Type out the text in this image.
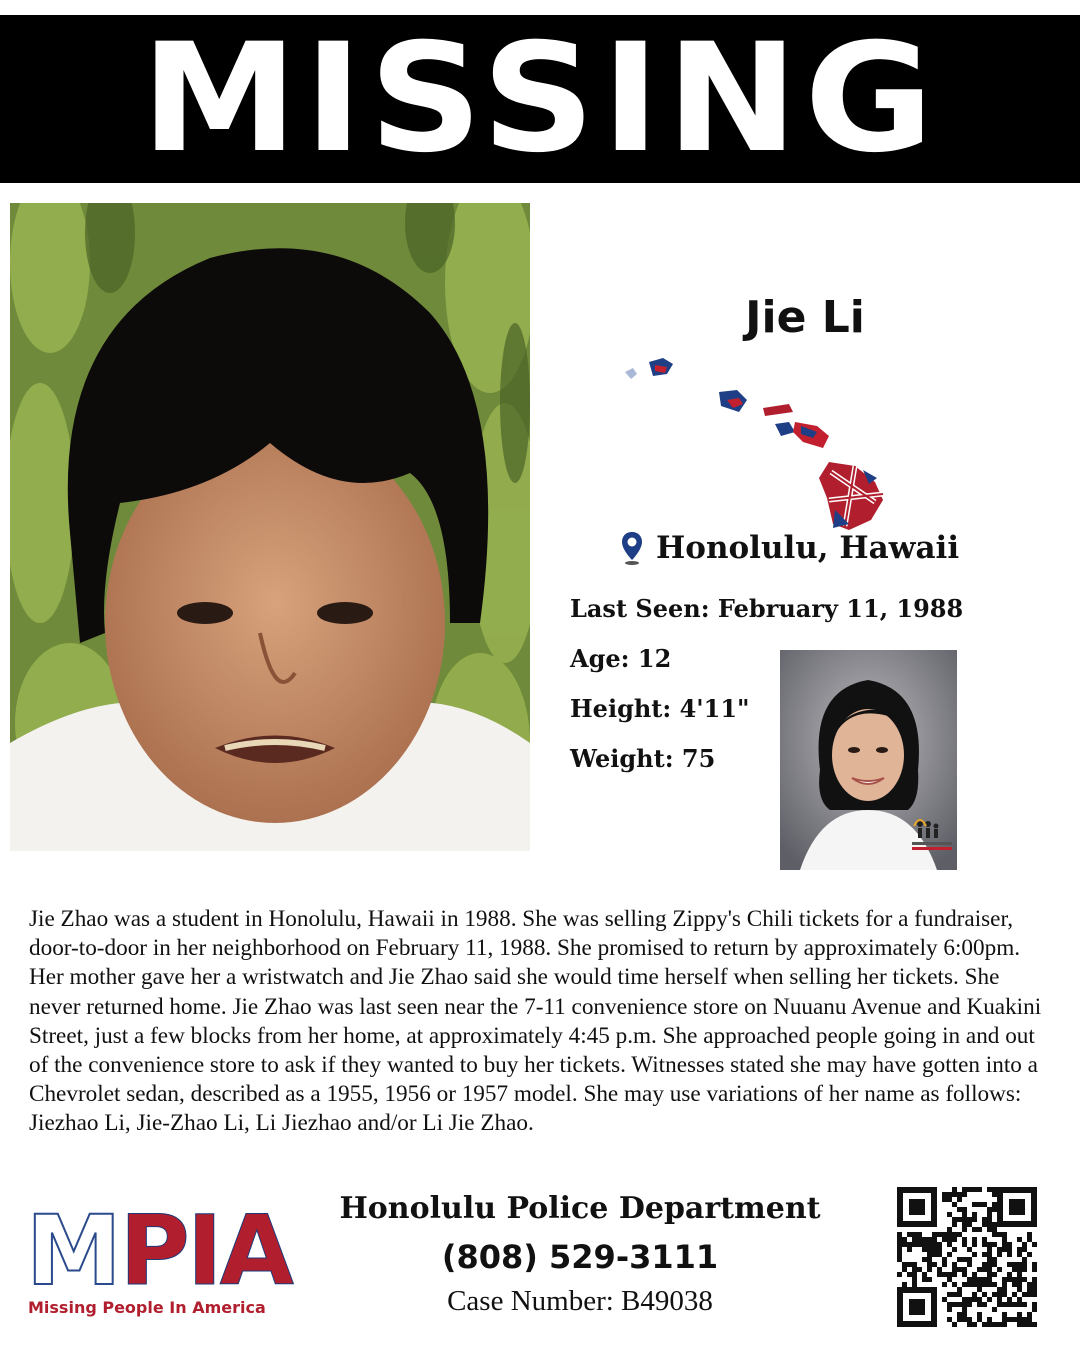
MISSING
Jie Li
Honolulu, Hawaii
Last Seen: February 11, 1988
Age: 12
Height: 4'11"
Weight: 75
Jie Zhao was a student in Honolulu, Hawaii in 1988. She was selling Zippy's Chili tickets for a fundraiser, door-to-door in her neighborhood on February 11, 1988. She promised to return by approximately 6:00pm. Her mother gave her a wristwatch and Jie Zhao said she would time herself when selling her tickets. She never returned home. Jie Zhao was last seen near the 7-11 convenience store on Nuuanu Avenue and Kuakini Street, just a few blocks from her home, at approximately 4:45 p.m. She approached people going in and out of the convenience store to ask if they wanted to buy her tickets. Witnesses stated she may have gotten into a Chevrolet sedan, described as a 1955, 1956 or 1957 model. She may use variations of her name as follows: Jiezhao Li, Jie-Zhao Li, Li Jiezhao and/or Li Jie Zhao.
M PIA
Missing People In America
Honolulu Police Department
(808) 529-3111
Case Number: B49038
